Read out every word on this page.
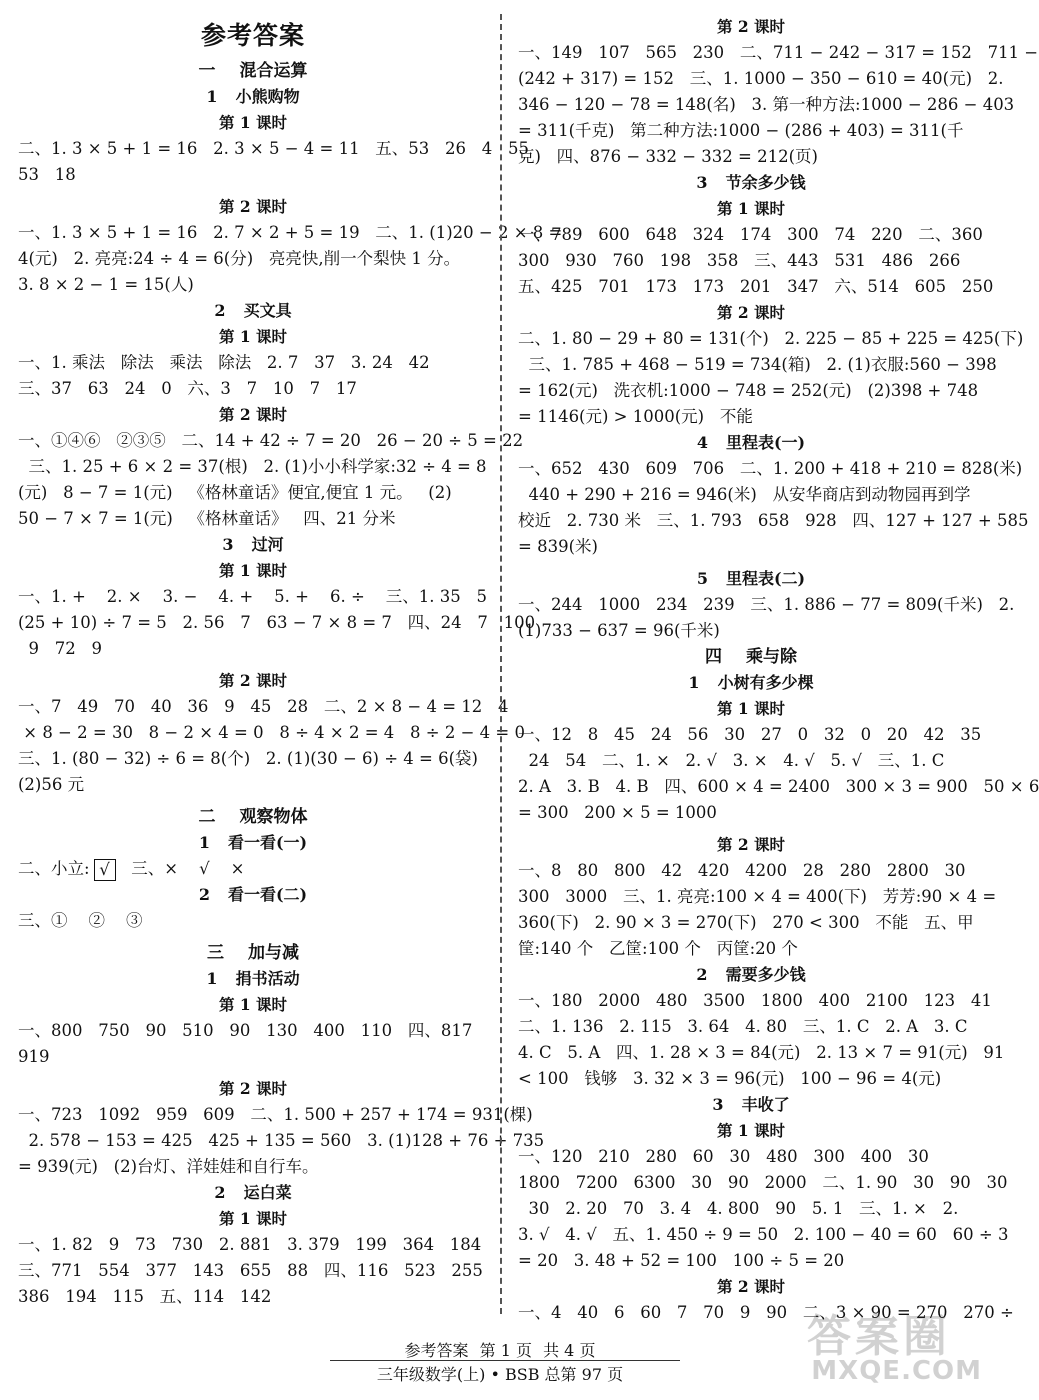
参考答案
一 混合运算
1 小熊购物
第 1 课时
二、1. 3 × 5 + 1 = 16   2. 3 × 5 − 4 = 11   五、53   26   4   55
53   18
第 2 课时
一、1. 3 × 5 + 1 = 16   2. 7 × 2 + 5 = 19   二、1. (1)20 − 2 × 8 =
4(元)   2. 亮亮:24 ÷ 4 = 6(分)   亮亮快,削一个梨快 1 分。
3. 8 × 2 − 1 = 15(人)
2 买文具
第 1 课时
一、1. 乘法   除法   乘法   除法   2. 7   37   3. 24   42
三、37   63   24   0   六、3   7   10   7   17
第 2 课时
一、①④⑥   ②③⑤   二、14 + 42 ÷ 7 = 20   26 − 20 ÷ 5 = 22
三、1. 25 + 6 × 2 = 37(根)   2. (1)小小科学家:32 ÷ 4 = 8
(元)   8 − 7 = 1(元)   《格林童话》便宜,便宜 1 元。   (2)
50 − 7 × 7 = 1(元)   《格林童话》   四、21 分米
3 过河
第 1 课时
一、1. +    2. ×    3. −    4. +    5. +    6. ÷    三、1. 35   5
(25 + 10) ÷ 7 = 5   2. 56   7   63 − 7 × 8 = 7   四、24   7   100
9   72   9
第 2 课时
一、7   49   70   40   36   9   45   28   二、2 × 8 − 4 = 12   4
× 8 − 2 = 30   8 − 2 × 4 = 0   8 ÷ 4 × 2 = 4   8 ÷ 2 − 4 = 0
三、1. (80 − 32) ÷ 6 = 8(个)   2. (1)(30 − 6) ÷ 4 = 6(袋)
(2)56 元
二 观察物体
1 看一看(一)
二、小立: √   三、×    √    ×
2 看一看(二)
三、①    ②    ③
三 加与减
1 捐书活动
第 1 课时
一、800   750   90   510   90   130   400   110   四、817
919
第 2 课时
一、723   1092   959   609   二、1. 500 + 257 + 174 = 931(棵)
2. 578 − 153 = 425   425 + 135 = 560   3. (1)128 + 76 + 735
= 939(元)   (2)台灯、洋娃娃和自行车。
2 运白菜
第 1 课时
一、1. 82   9   73   730   2. 881   3. 379   199   364   184
三、771   554   377   143   655   88   四、116   523   255
386   194   115   五、114   142
第 2 课时
一、149   107   565   230   二、711 − 242 − 317 = 152   711 −
(242 + 317) = 152   三、1. 1000 − 350 − 610 = 40(元)   2.
346 − 120 − 78 = 148(名)   3. 第一种方法:1000 − 286 − 403
= 311(千克)   第二种方法:1000 − (286 + 403) = 311(千
克)   四、876 − 332 − 332 = 212(页)
3 节余多少钱
第 1 课时
一、789   600   648   324   174   300   74   220   二、360
300   930   760   198   358   三、443   531   486   266
五、425   701   173   173   201   347   六、514   605   250
第 2 课时
二、1. 80 − 29 + 80 = 131(个)   2. 225 − 85 + 225 = 425(下)
三、1. 785 + 468 − 519 = 734(箱)   2. (1)衣服:560 − 398
= 162(元)   洗衣机:1000 − 748 = 252(元)   (2)398 + 748
= 1146(元) > 1000(元)   不能
4 里程表(一)
一、652   430   609   706   二、1. 200 + 418 + 210 = 828(米)
440 + 290 + 216 = 946(米)   从安华商店到动物园再到学
校近   2. 730 米   三、1. 793   658   928   四、127 + 127 + 585
= 839(米)
5 里程表(二)
一、244   1000   234   239   三、1. 886 − 77 = 809(千米)   2.
(1)733 − 637 = 96(千米)
四 乘与除
1 小树有多少棵
第 1 课时
一、12   8   45   24   56   30   27   0   32   0   20   42   35
24   54   二、1. ×   2. √   3. ×   4. √   5. √   三、1. C
2. A   3. B   4. B   四、600 × 4 = 2400   300 × 3 = 900   50 × 6
= 300   200 × 5 = 1000
第 2 课时
一、8   80   800   42   420   4200   28   280   2800   30
300   3000   三、1. 亮亮:100 × 4 = 400(下)   芳芳:90 × 4 =
360(下)   2. 90 × 3 = 270(下)   270 < 300   不能   五、甲
筐:140 个   乙筐:100 个   丙筐:20 个
2 需要多少钱
一、180   2000   480   3500   1800   400   2100   123   41
二、1. 136   2. 115   3. 64   4. 80   三、1. C   2. A   3. C
4. C   5. A   四、1. 28 × 3 = 84(元)   2. 13 × 7 = 91(元)   91
< 100   钱够   3. 32 × 3 = 96(元)   100 − 96 = 4(元)
3 丰收了
第 1 课时
一、120   210   280   60   30   480   300   400   30
1800   7200   6300   30   90   2000   二、1. 90   30   90   30
30   2. 20   70   3. 4   4. 800   90   5. 1   三、1. ×   2.
3. √   4. √   五、1. 450 ÷ 9 = 50   2. 100 − 40 = 60   60 ÷ 3
= 20   3. 48 + 52 = 100   100 ÷ 5 = 20
第 2 课时
一、4   40   6   60   7   70   9   90   二、3 × 90 = 270   270 ÷
参考答案 第 1 页 共 4 页
三年级数学(上) • BSB 总第 97 页
答案圈
MXQE.COM
